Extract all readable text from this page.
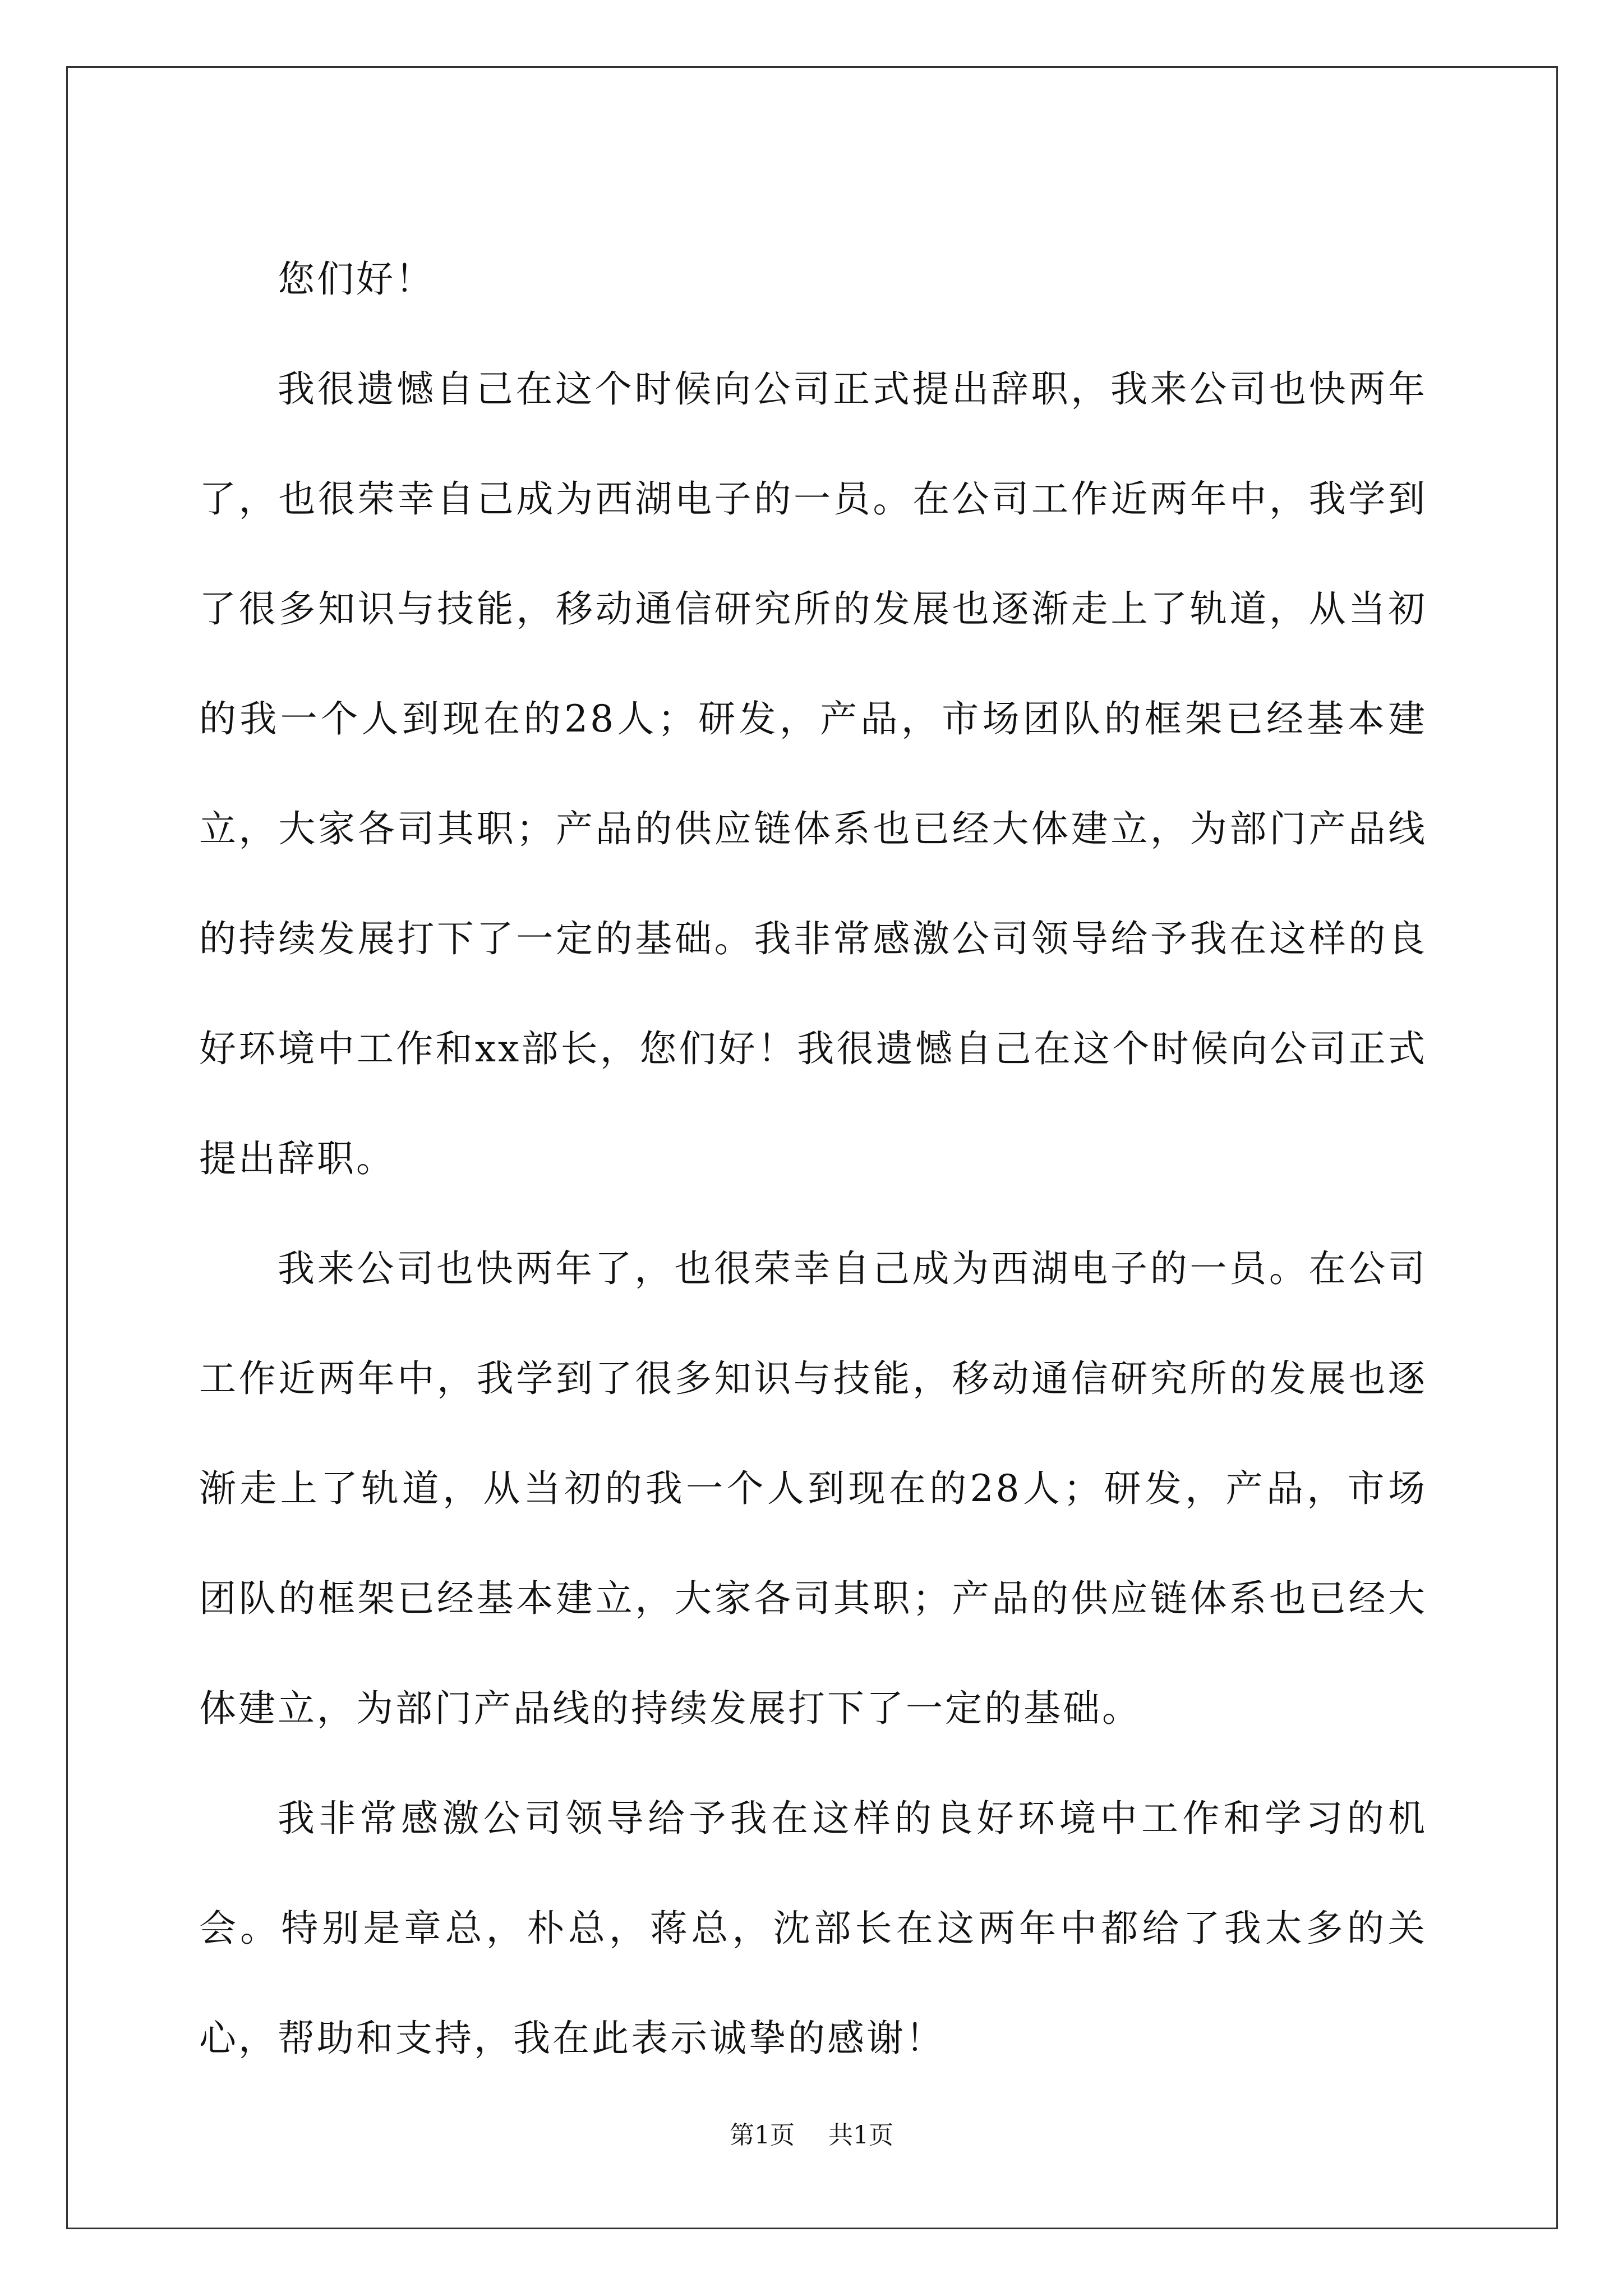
您们好！

我很遗憾自己在这个时候向公司正式提出辞职，我来公司也快两年了，也很荣幸自己成为西湖电子的一员。在公司工作近两年中，我学到了很多知识与技能，移动通信研究所的发展也逐渐走上了轨道，从当初的我一个人到现在的28人；研发，产品，市场团队的框架已经基本建立，大家各司其职；产品的供应链体系也已经大体建立，为部门产品线的持续发展打下了一定的基础。我非常感激公司领导给予我在这样的良好环境中工作和xx部长，您们好！我很遗憾自己在这个时候向公司正式提出辞职。

我来公司也快两年了，也很荣幸自己成为西湖电子的一员。在公司工作近两年中，我学到了很多知识与技能，移动通信研究所的发展也逐渐走上了轨道，从当初的我一个人到现在的28人；研发，产品，市场团队的框架已经基本建立，大家各司其职；产品的供应链体系也已经大体建立，为部门产品线的持续发展打下了一定的基础。

我非常感激公司领导给予我在这样的良好环境中工作和学习的机会。特别是章总，朴总，蒋总，沈部长在这两年中都给了我太多的关心，帮助和支持，我在此表示诚挚的感谢！

第1页 共1页
